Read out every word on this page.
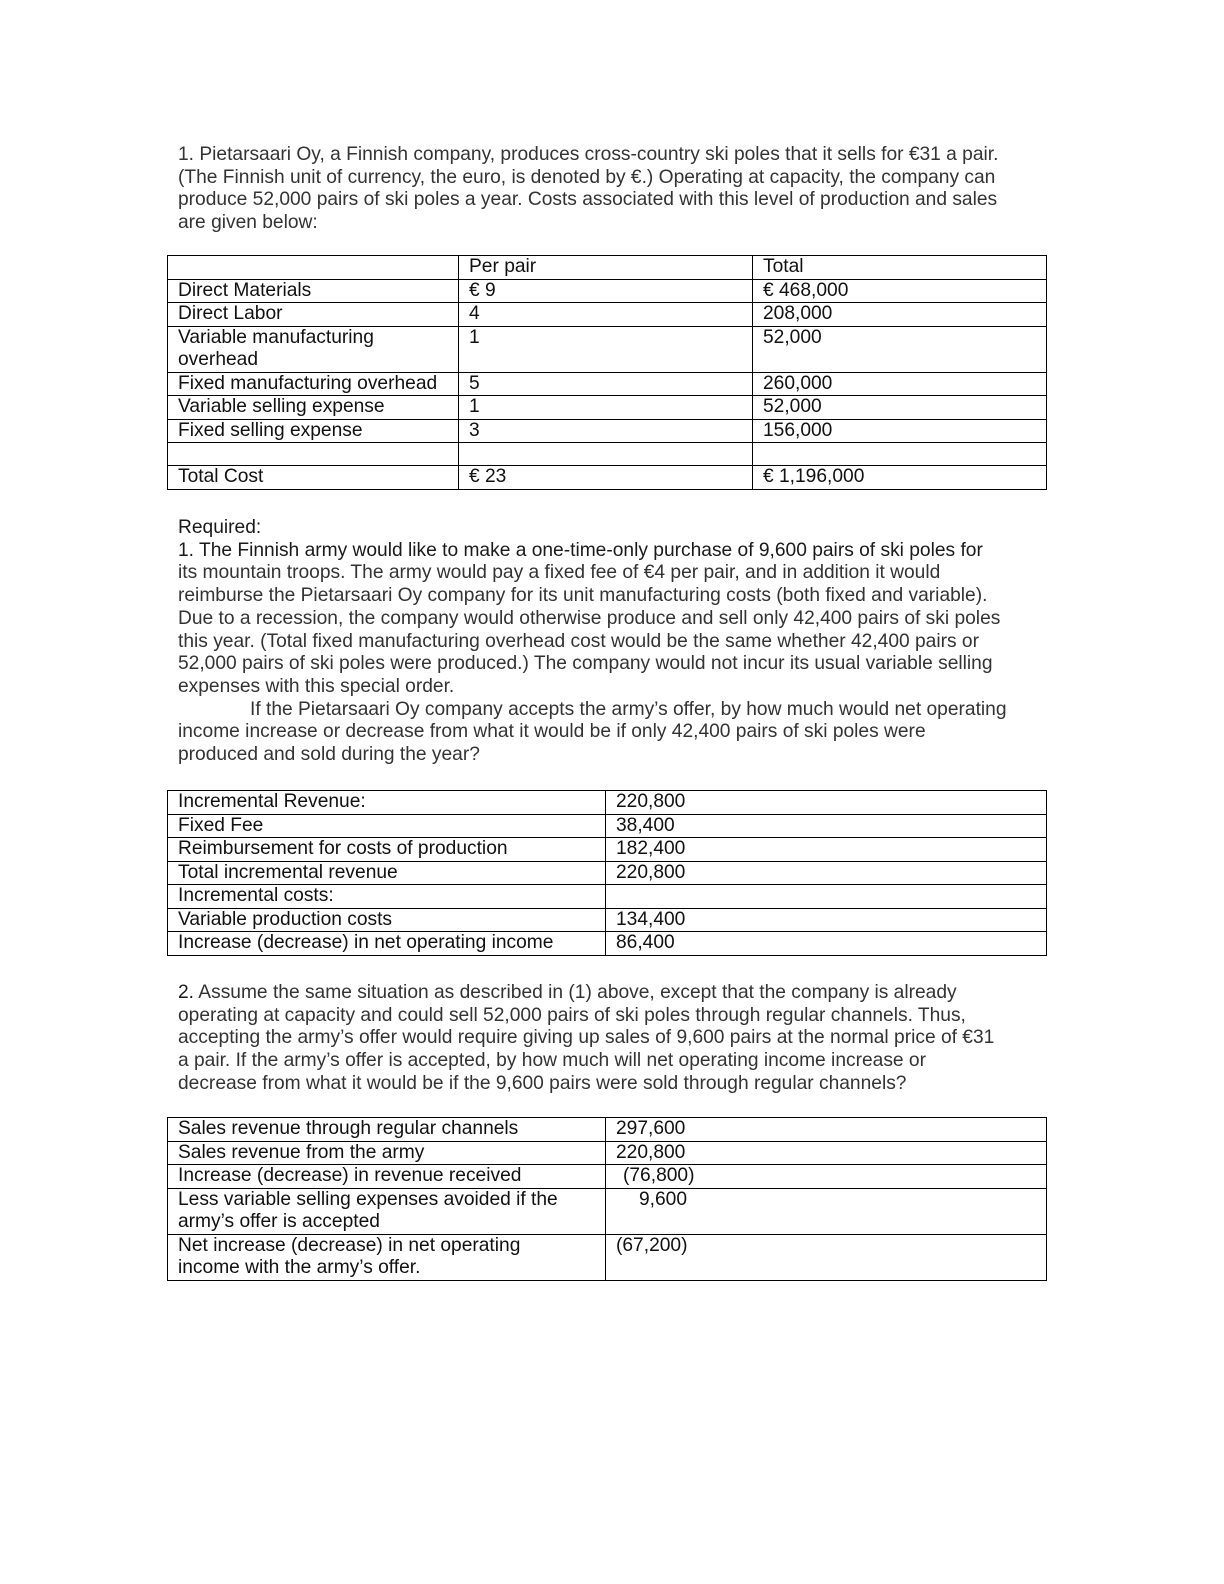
1. Pietarsaari Oy, a Finnish company, produces cross-country ski poles that it sells for €31 a pair.
(The Finnish unit of currency, the euro, is denoted by €.) Operating at capacity, the company can
produce 52,000 pairs of ski poles a year. Costs associated with this level of production and sales
are given below:
	Per pair	Total
Direct Materials	€ 9	€ 468,000
Direct Labor	4	208,000
Variable manufacturing overhead	1	52,000
Fixed manufacturing overhead	5	260,000
Variable selling expense	1	52,000
Fixed selling expense	3	156,000

Total Cost	€ 23	€ 1,196,000
Required:
1. The Finnish army would like to make a one-time-only purchase of 9,600 pairs of ski poles for
its mountain troops. The army would pay a fixed fee of €4 per pair, and in addition it would
reimburse the Pietarsaari Oy company for its unit manufacturing costs (both fixed and variable).
Due to a recession, the company would otherwise produce and sell only 42,400 pairs of ski poles
this year. (Total fixed manufacturing overhead cost would be the same whether 42,400 pairs or
52,000 pairs of ski poles were produced.) The company would not incur its usual variable selling
expenses with this special order.
If the Pietarsaari Oy company accepts the army’s offer, by how much would net operating
income increase or decrease from what it would be if only 42,400 pairs of ski poles were
produced and sold during the year?
Incremental Revenue:	220,800
Fixed Fee	38,400
Reimbursement for costs of production	182,400
Total incremental revenue	220,800
Incremental costs:	
Variable production costs	134,400
Increase (decrease) in net operating income	86,400
2. Assume the same situation as described in (1) above, except that the company is already
operating at capacity and could sell 52,000 pairs of ski poles through regular channels. Thus,
accepting the army’s offer would require giving up sales of 9,600 pairs at the normal price of €31
a pair. If the army’s offer is accepted, by how much will net operating income increase or
decrease from what it would be if the 9,600 pairs were sold through regular channels?
Sales revenue through regular channels	297,600
Sales revenue from the army	220,800
Increase (decrease) in revenue received	(76,800)
Less variable selling expenses avoided if the army’s offer is accepted	9,600
Net increase (decrease) in net operating income with the army’s offer.	(67,200)
